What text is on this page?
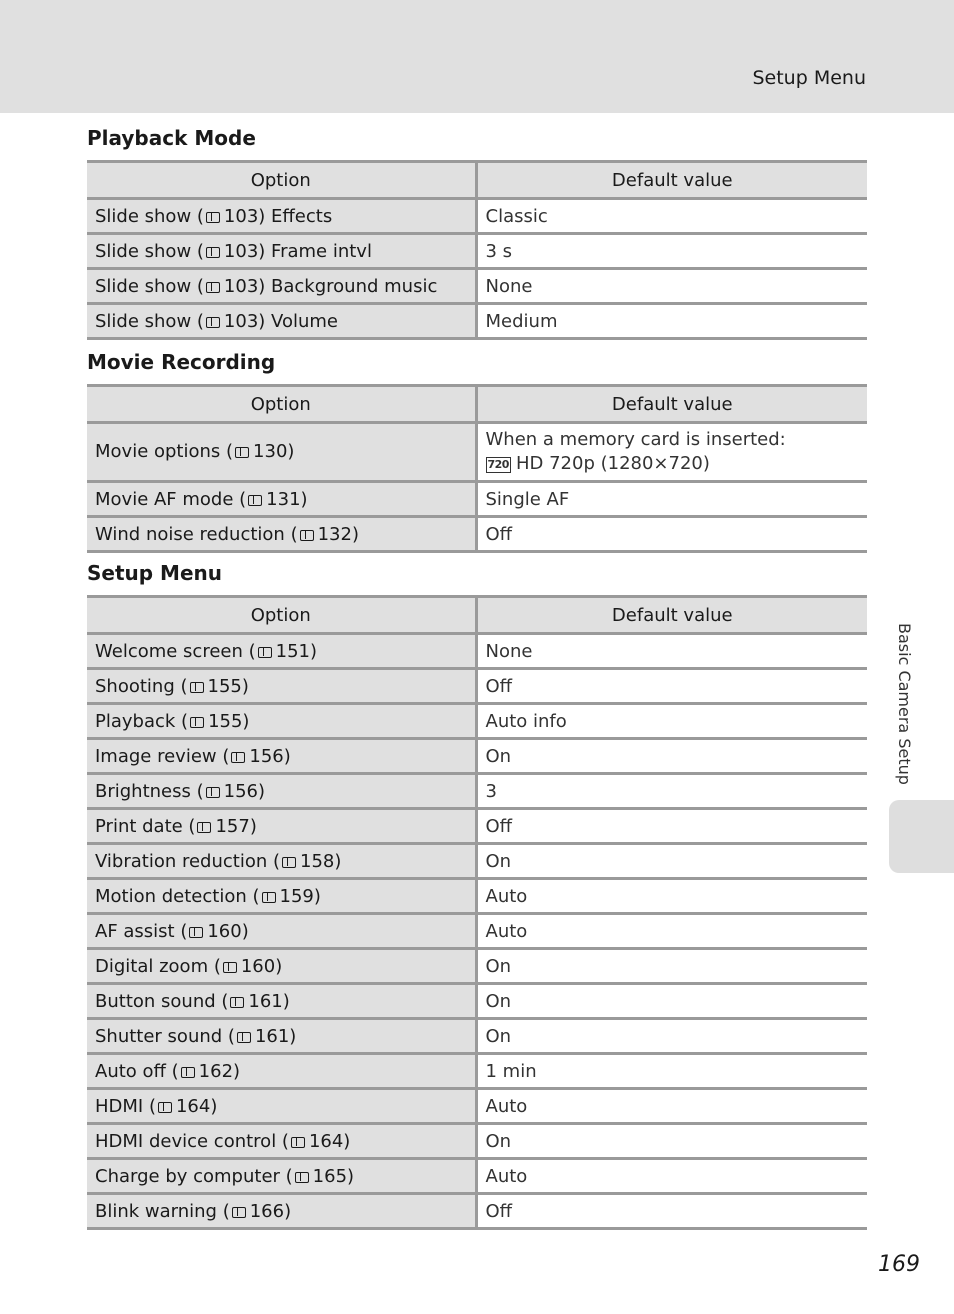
Setup Menu
Playback Mode
Option	Default value
Slide show ( 103) Effects	Classic
Slide show ( 103) Frame intvl	3 s
Slide show ( 103) Background music	None
Slide show ( 103) Volume	Medium
Movie Recording
Option	Default value
Movie options ( 130)	When a memory card is inserted:
720 HD 720p (1280×720)

Movie AF mode ( 131)	Single AF
Wind noise reduction ( 132)	Off
Setup Menu
Option	Default value
Welcome screen ( 151)	None
Shooting ( 155)	Off
Playback ( 155)	Auto info
Image review ( 156)	On
Brightness ( 156)	3
Print date ( 157)	Off
Vibration reduction ( 158)	On
Motion detection ( 159)	Auto
AF assist ( 160)	Auto
Digital zoom ( 160)	On
Button sound ( 161)	On
Shutter sound ( 161)	On
Auto off ( 162)	1 min
HDMI ( 164)	Auto
HDMI device control ( 164)	On
Charge by computer ( 165)	Auto
Blink warning ( 166)	Off
Basic Camera Setup
169
